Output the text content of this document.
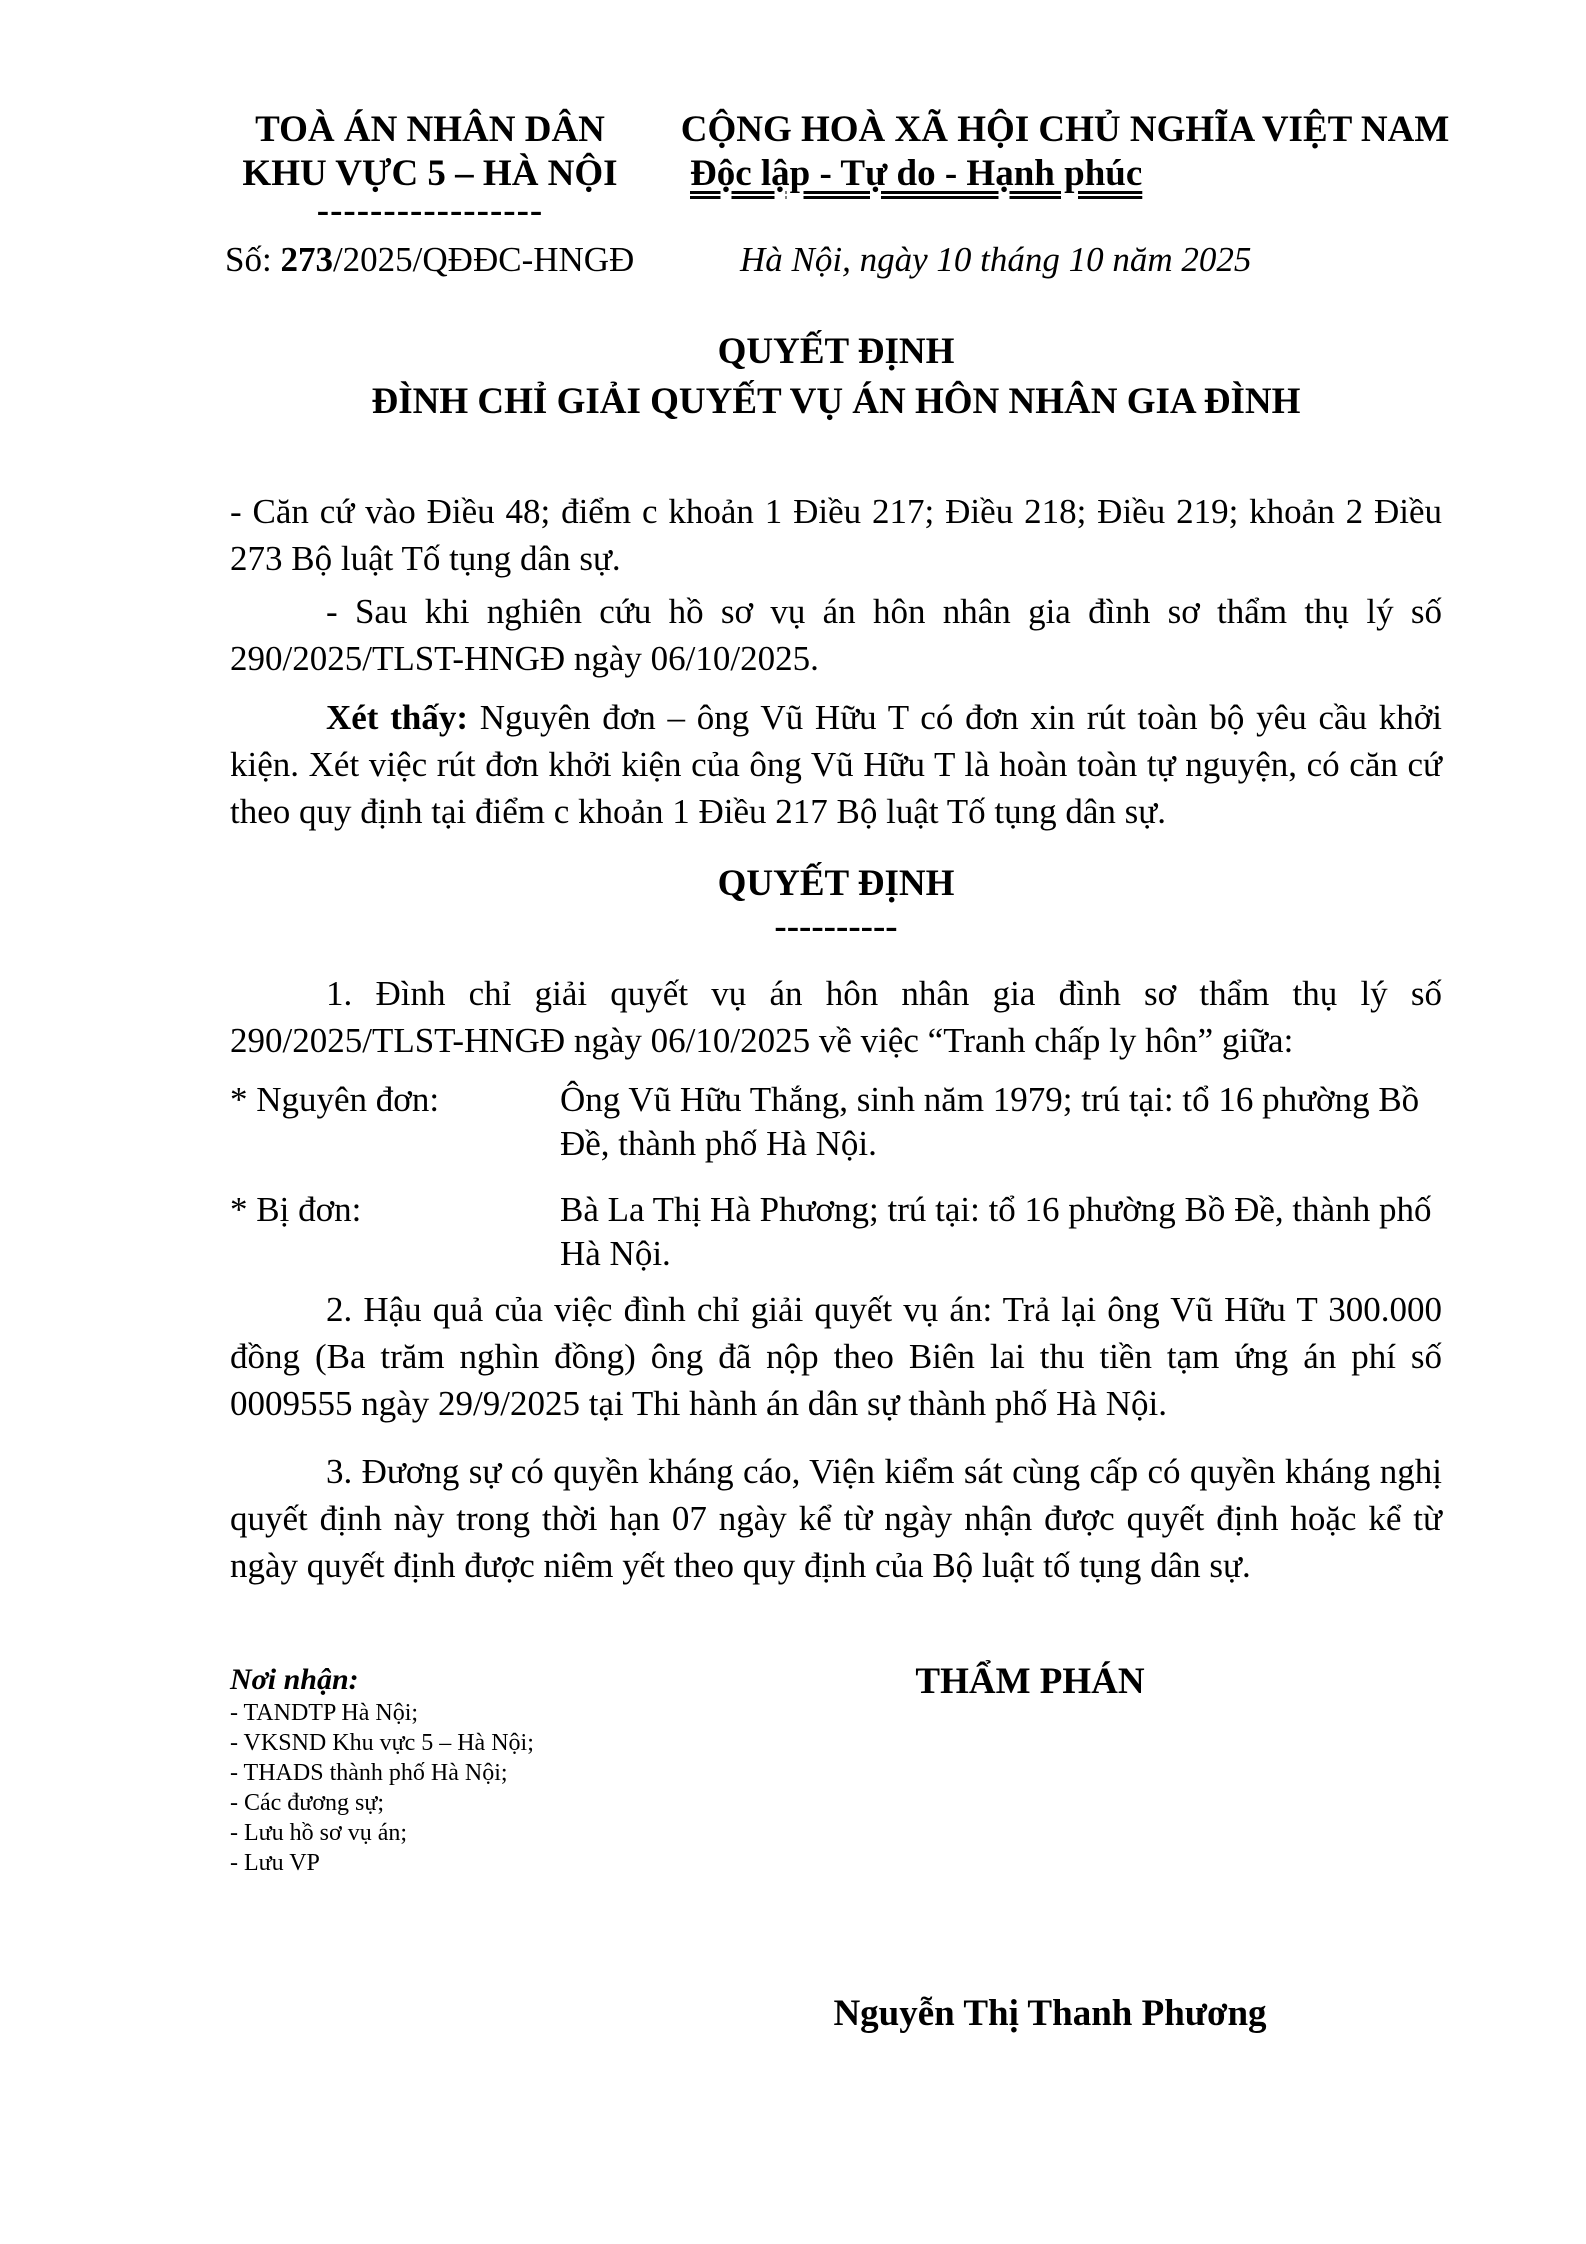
TOÀ ÁN NHÂN DÂN
KHU VỰC 5 – HÀ NỘI
-----------------
CỘNG HOÀ XÃ HỘI CHỦ NGHĨA VIỆT NAM
Độc lập - Tự do - Hạnh phúc
Số: 273/2025/QĐĐC-HNGĐ	Hà Nội, ngày 10 tháng 10 năm 2025
QUYẾT ĐỊNH
ĐÌNH CHỈ GIẢI QUYẾT VỤ ÁN HÔN NHÂN GIA ĐÌNH
- Căn cứ vào Điều 48; điểm c khoản 1 Điều 217; Điều 218; Điều 219; khoản 2 Điều 273 Bộ luật Tố tụng dân sự.
- Sau khi nghiên cứu hồ sơ vụ án hôn nhân gia đình sơ thẩm thụ lý số 290/2025/TLST-HNGĐ ngày 06/10/2025.
Xét thấy: Nguyên đơn – ông Vũ Hữu T có đơn xin rút toàn bộ yêu cầu khởi kiện. Xét việc rút đơn khởi kiện của ông Vũ Hữu T là hoàn toàn tự nguyện, có căn cứ theo quy định tại điểm c khoản 1 Điều 217 Bộ luật Tố tụng dân sự.
QUYẾT ĐỊNH
----------
1. Đình chỉ giải quyết vụ án hôn nhân gia đình sơ thẩm thụ lý số 290/2025/TLST-HNGĐ ngày 06/10/2025 về việc “Tranh chấp ly hôn” giữa:
* Nguyên đơn:	Ông Vũ Hữu Thắng, sinh năm 1979; trú tại: tổ 16 phường Bồ Đề, thành phố Hà Nội.
* Bị đơn:	Bà La Thị Hà Phương; trú tại: tổ 16 phường Bồ Đề, thành phố Hà Nội.
2. Hậu quả của việc đình chỉ giải quyết vụ án: Trả lại ông Vũ Hữu T 300.000 đồng (Ba trăm nghìn đồng) ông đã nộp theo Biên lai thu tiền tạm ứng án phí số 0009555 ngày 29/9/2025 tại Thi hành án dân sự thành phố Hà Nội.
3. Đương sự có quyền kháng cáo, Viện kiểm sát cùng cấp có quyền kháng nghị quyết định này trong thời hạn 07 ngày kể từ ngày nhận được quyết định hoặc kể từ ngày quyết định được niêm yết theo quy định của Bộ luật tố tụng dân sự.
Nơi nhận:
- TANDTP Hà Nội;
- VKSND Khu vực 5 – Hà Nội;
- THADS thành phố Hà Nội;
- Các đương sự;
- Lưu hồ sơ vụ án;
- Lưu VP
THẨM PHÁN
Nguyễn Thị Thanh Phương
